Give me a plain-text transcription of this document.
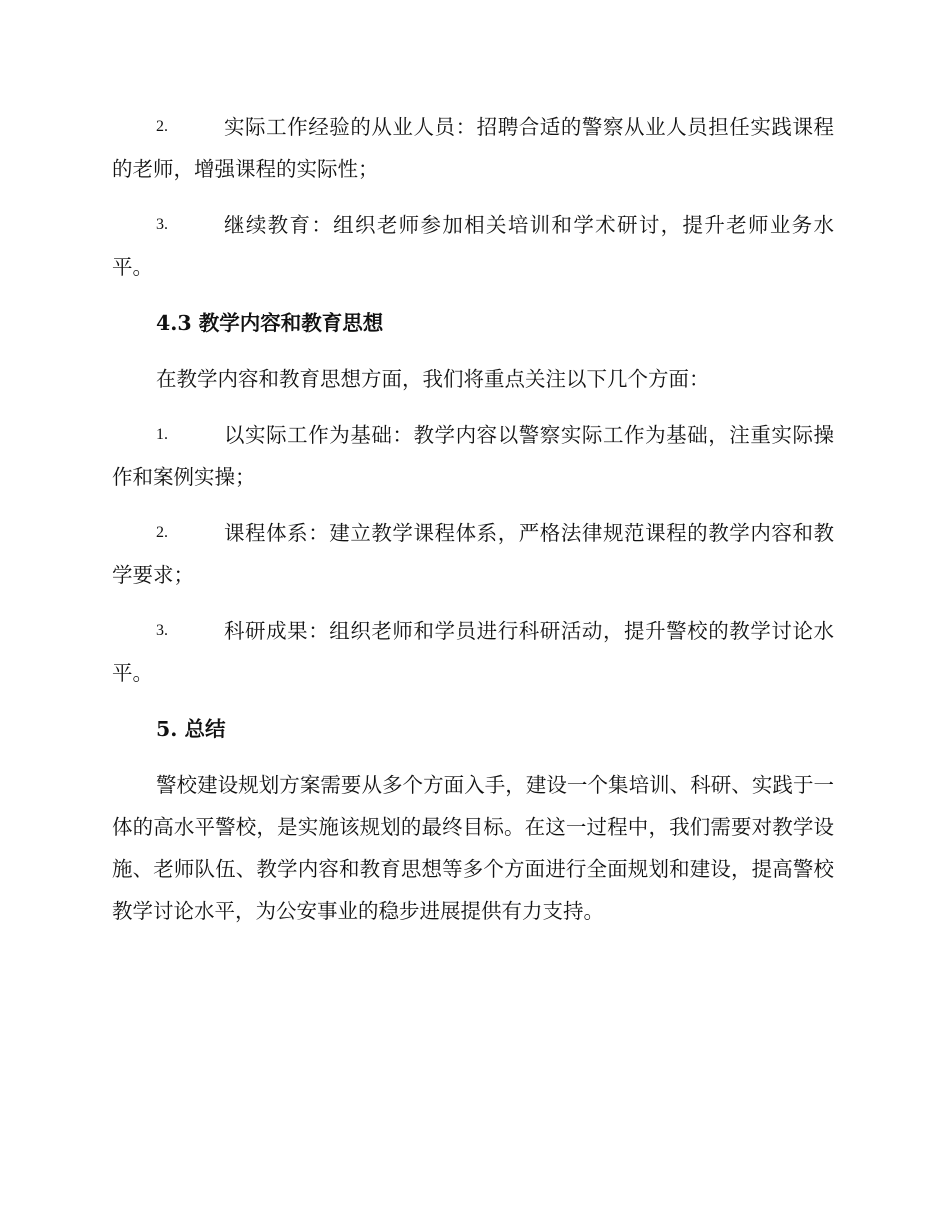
2.	实际工作经验的从业人员：招聘合适的警察从业人员担任实践课程的老师，增强课程的实际性；
3.	继续教育：组织老师参加相关培训和学术研讨，提升老师业务水平。
4.3 教学内容和教育思想
在教学内容和教育思想方面，我们将重点关注以下几个方面：
1.	以实际工作为基础：教学内容以警察实际工作为基础，注重实际操作和案例实操；
2.	课程体系：建立教学课程体系，严格法律规范课程的教学内容和教学要求；
3.	科研成果：组织老师和学员进行科研活动，提升警校的教学讨论水平。
5. 总结
警校建设规划方案需要从多个方面入手，建设一个集培训、科研、实践于一体的高水平警校，是实施该规划的最终目标。在这一过程中，我们需要对教学设施、老师队伍、教学内容和教育思想等多个方面进行全面规划和建设，提高警校教学讨论水平，为公安事业的稳步进展提供有力支持。
